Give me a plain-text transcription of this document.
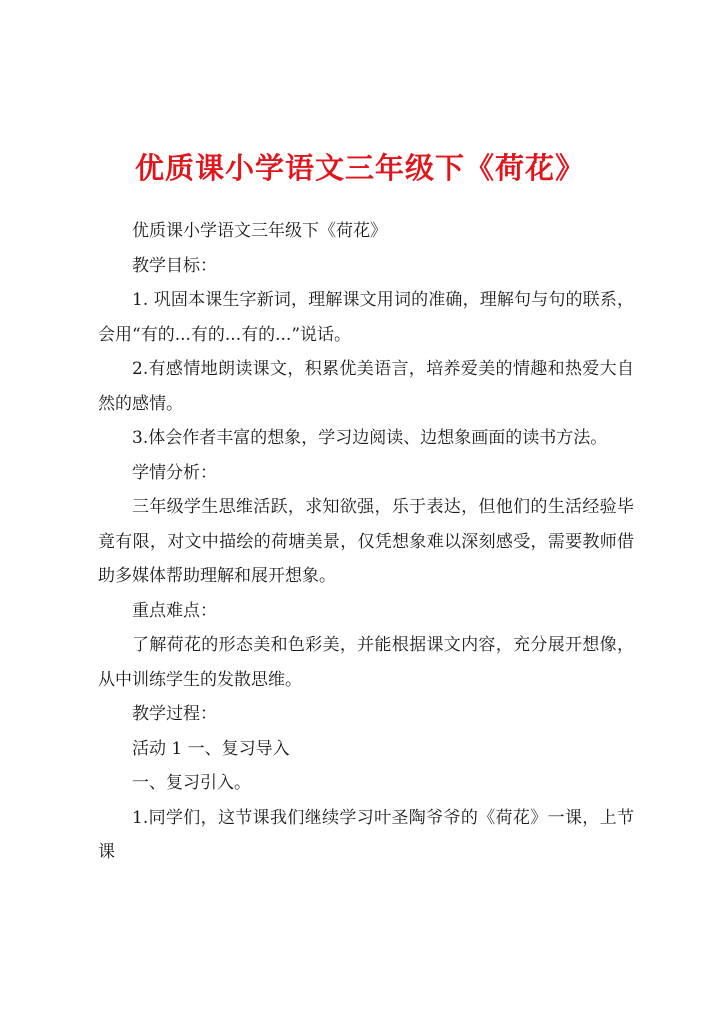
优质课小学语文三年级下《荷花》

优质课小学语文三年级下《荷花》

教学目标：

1. 巩固本课生字新词，理解课文用词的准确，理解句与句的联系，会用“有的...有的...有的...”说话。

2.有感情地朗读课文，积累优美语言，培养爱美的情趣和热爱大自然的感情。

3.体会作者丰富的想象，学习边阅读、边想象画面的读书方法。

学情分析：

三年级学生思维活跃，求知欲强，乐于表达，但他们的生活经验毕竟有限，对文中描绘的荷塘美景，仅凭想象难以深刻感受，需要教师借助多媒体帮助理解和展开想象。

重点难点：

了解荷花的形态美和色彩美，并能根据课文内容，充分展开想像，从中训练学生的发散思维。

教学过程：

活动 1 一、复习导入

一、复习引入。

1.同学们，这节课我们继续学习叶圣陶爷爷的《荷花》一课，上节课
